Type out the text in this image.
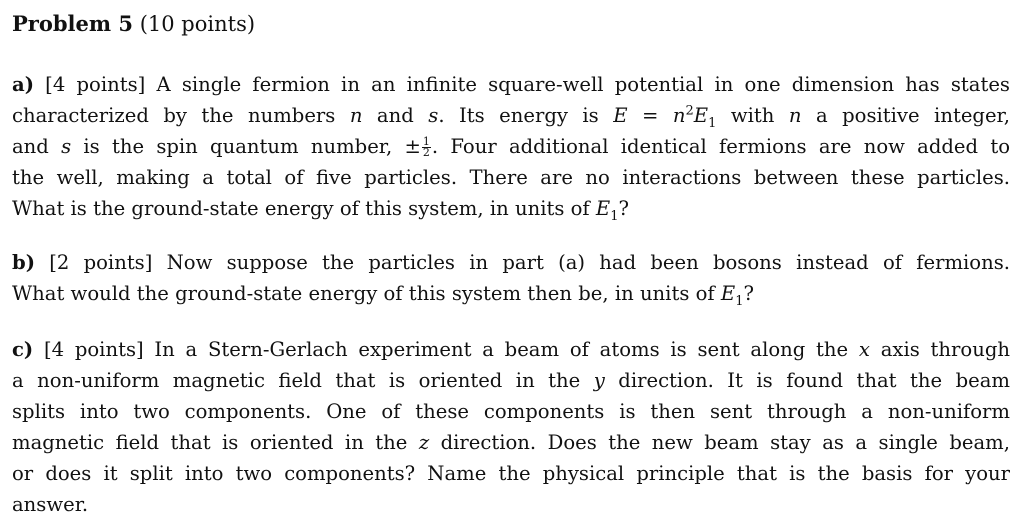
Problem 5 (10 points)
a) [4 points] A single fermion in an infinite square-well potential in one dimension has states
characterized by the numbers n and s. Its energy is $E = n^2E_1$ with n a positive integer,
and s is the spin quantum number, ± $\frac{1}{2}$ . Four additional identical fermions are now added to
the well, making a total of five particles. There are no interactions between these particles.
What is the ground-state energy of this system, in units of $E_1$?
b) [2 points] Now suppose the particles in part (a) had been bosons instead of fermions.
What would the ground-state energy of this system then be, in units of $E_1$?
c) [4 points] In a Stern-Gerlach experiment a beam of atoms is sent along the x axis through
a non-uniform magnetic field that is oriented in the y direction. It is found that the beam
splits into two components. One of these components is then sent through a non-uniform
magnetic field that is oriented in the z direction. Does the new beam stay as a single beam,
or does it split into two components? Name the physical principle that is the basis for your
answer.
